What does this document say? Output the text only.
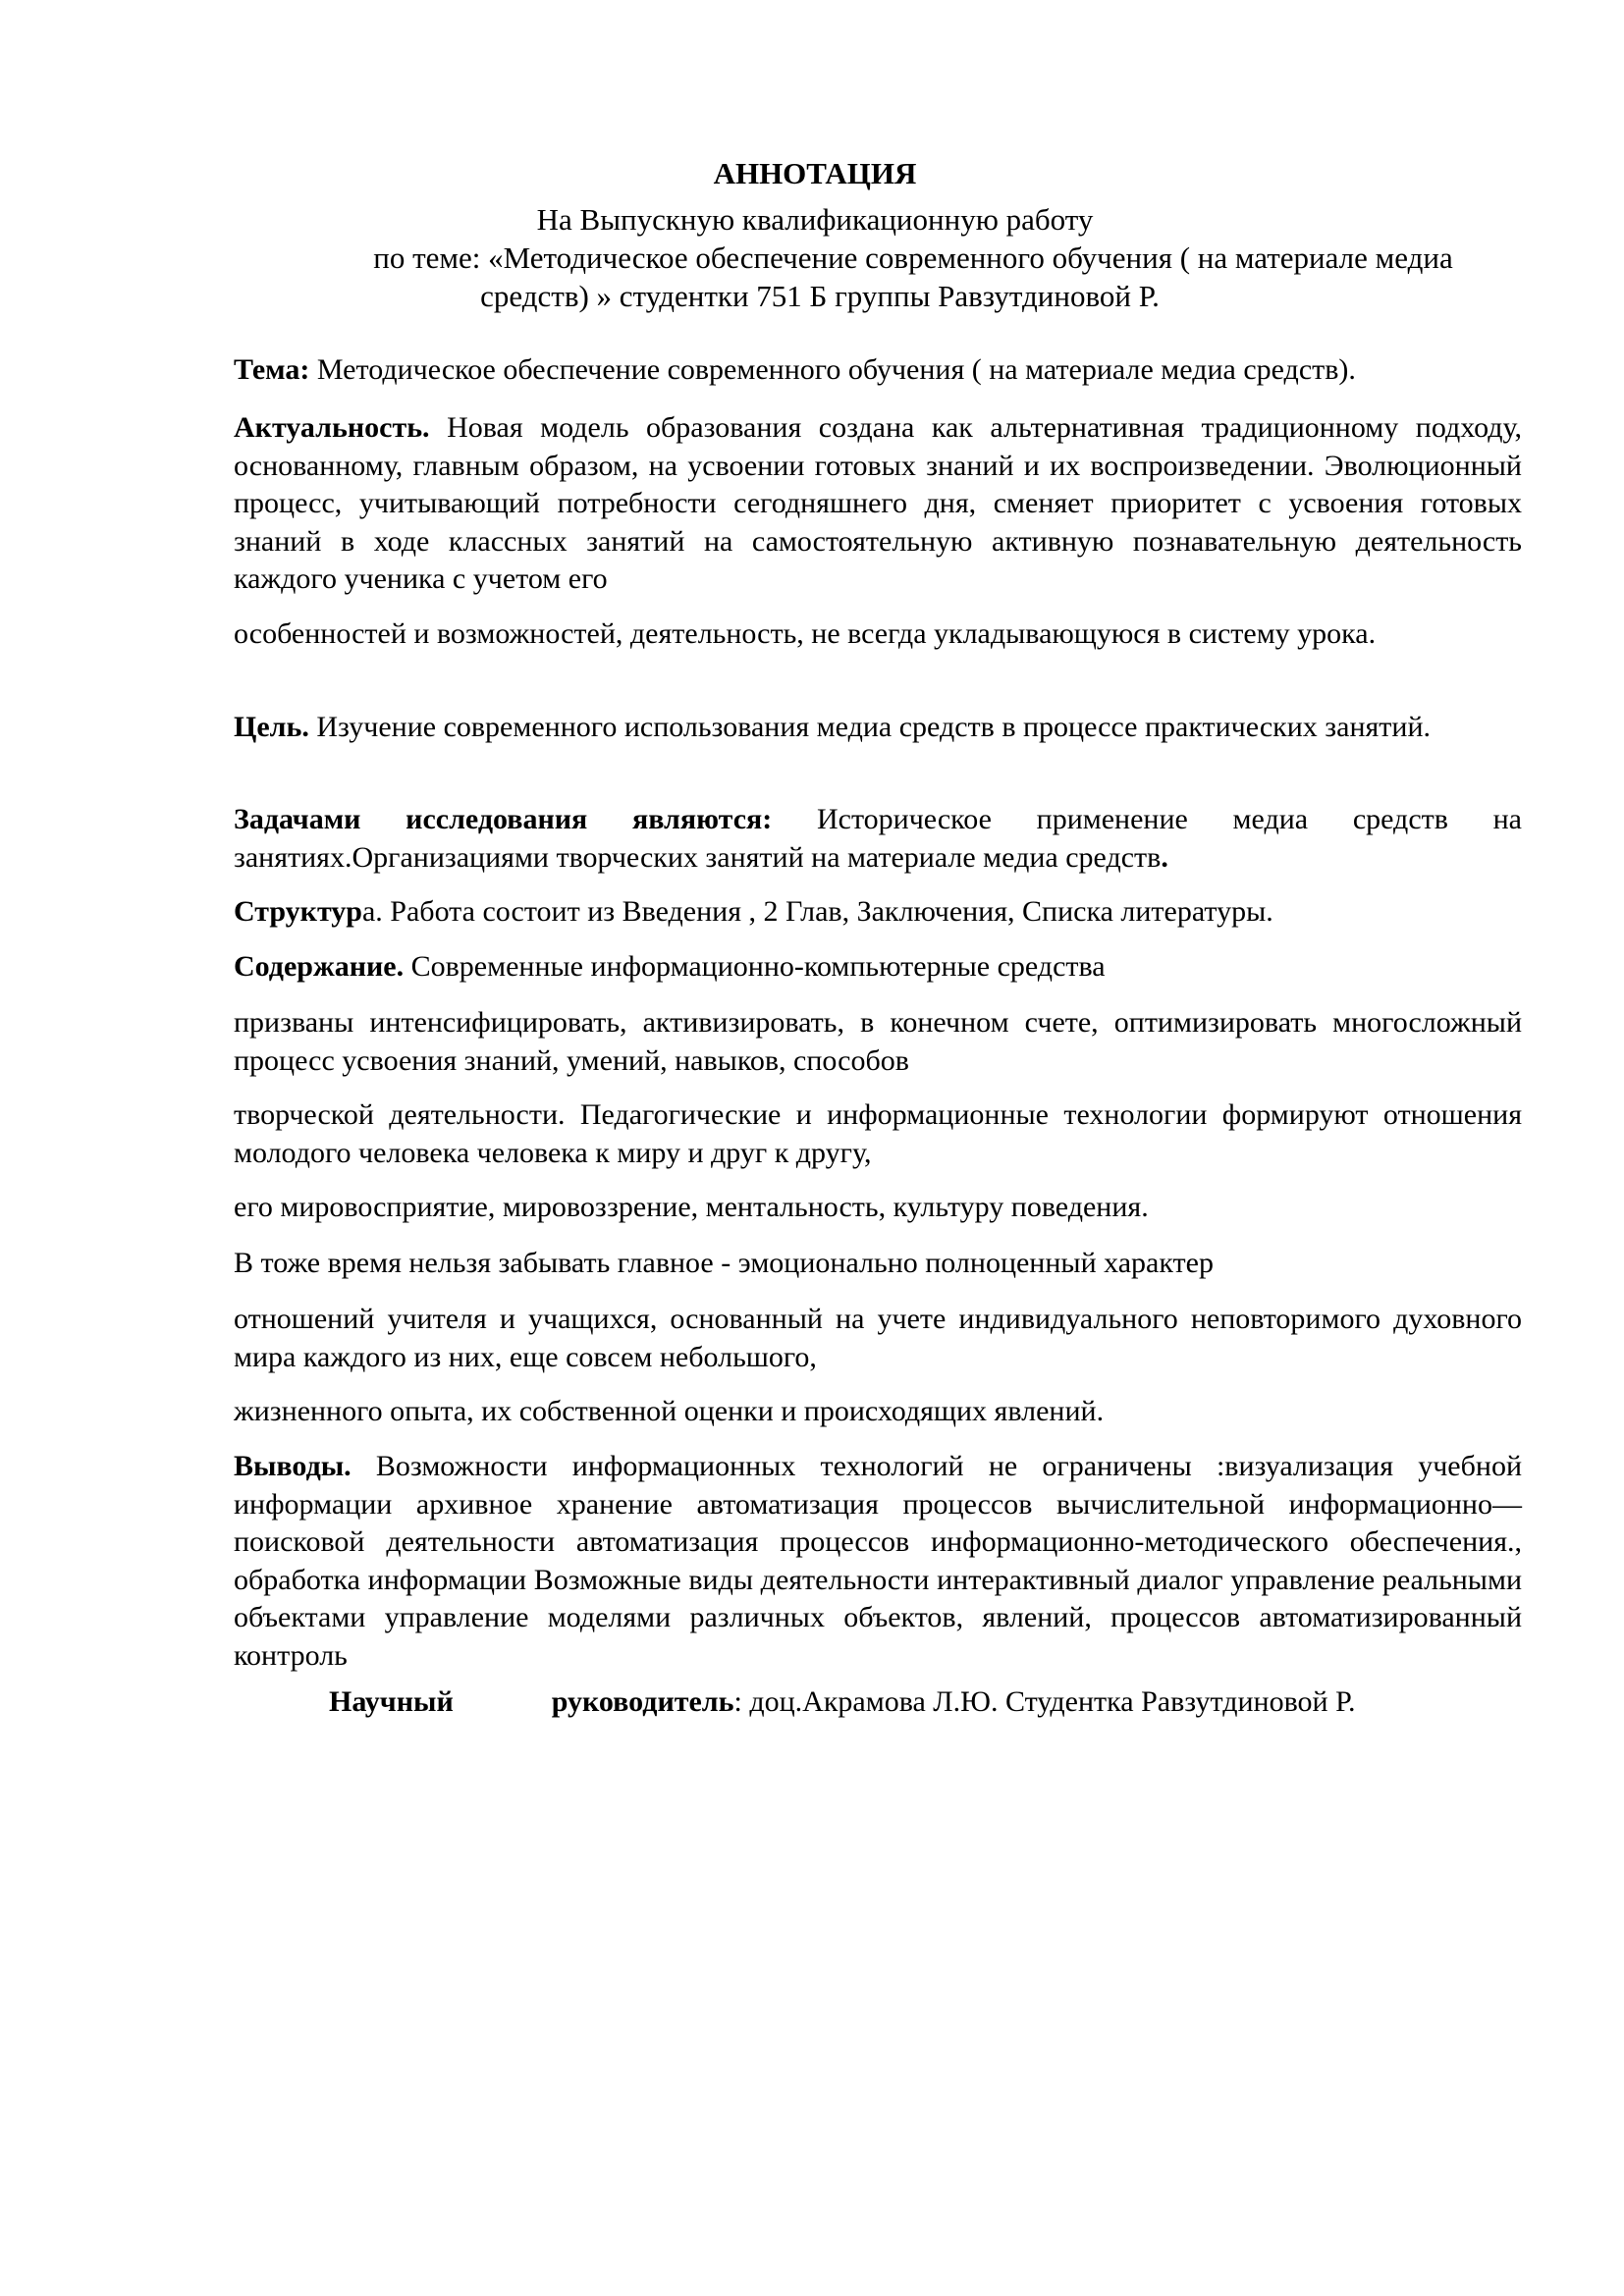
АННОТАЦИЯ
На Выпускную квалификационную работу
по теме: «Методическое обеспечение современного обучения ( на материале медиа
средств) » студентки 751 Б группы Равзутдиновой Р.

Тема: Методическое обеспечение современного обучения ( на материале медиа средств).

Актуальность. Новая модель образования создана как альтернативная традиционному подходу, основанному, главным образом, на усвоении готовых знаний и их воспроизведении. Эволюционный процесс, учитывающий потребности сегодняшнего дня, сменяет приоритет с усвоения готовых знаний в ходе классных занятий на самостоятельную активную познавательную деятельность каждого ученика с учетом его

особенностей и возможностей, деятельность, не всегда укладывающуюся в систему урока.

Цель. Изучение современного использования медиа средств в процессе практических занятий.

Задачами исследования являются: Историческое применение медиа средств на занятиях.Организациями творческих занятий на материале медиа средств.

Структура. Работа состоит из Введения , 2 Глав, Заключения, Списка литературы.

Содержание. Современные информационно-компьютерные средства

призваны интенсифицировать, активизировать, в конечном счете, оптимизировать многосложный процесс усвоения знаний, умений, навыков, способов

творческой деятельности. Педагогические и информационные технологии формируют отношения молодого человека человека к миру и друг к другу,

его мировосприятие, мировоззрение, ментальность, культуру поведения.

В тоже время нельзя забывать главное - эмоционально полноценный характер

отношений учителя и учащихся, основанный на учете индивидуального неповторимого духовного мира каждого из них, еще совсем небольшого,

жизненного опыта, их собственной оценки и происходящих явлений.

Выводы. Возможности информационных технологий не ограничены :визуализация учебной информации архивное хранение автоматизация процессов вычислительной информационно—поисковой деятельности автоматизация процессов информационно-методического обеспечения., обработка информации Возможные виды деятельности интерактивный диалог управление реальными объектами управление моделями различных объектов, явлений, процессов автоматизированный контроль

Научный	руководитель: доц.Акрамова Л.Ю. Студентка Равзутдиновой Р.
